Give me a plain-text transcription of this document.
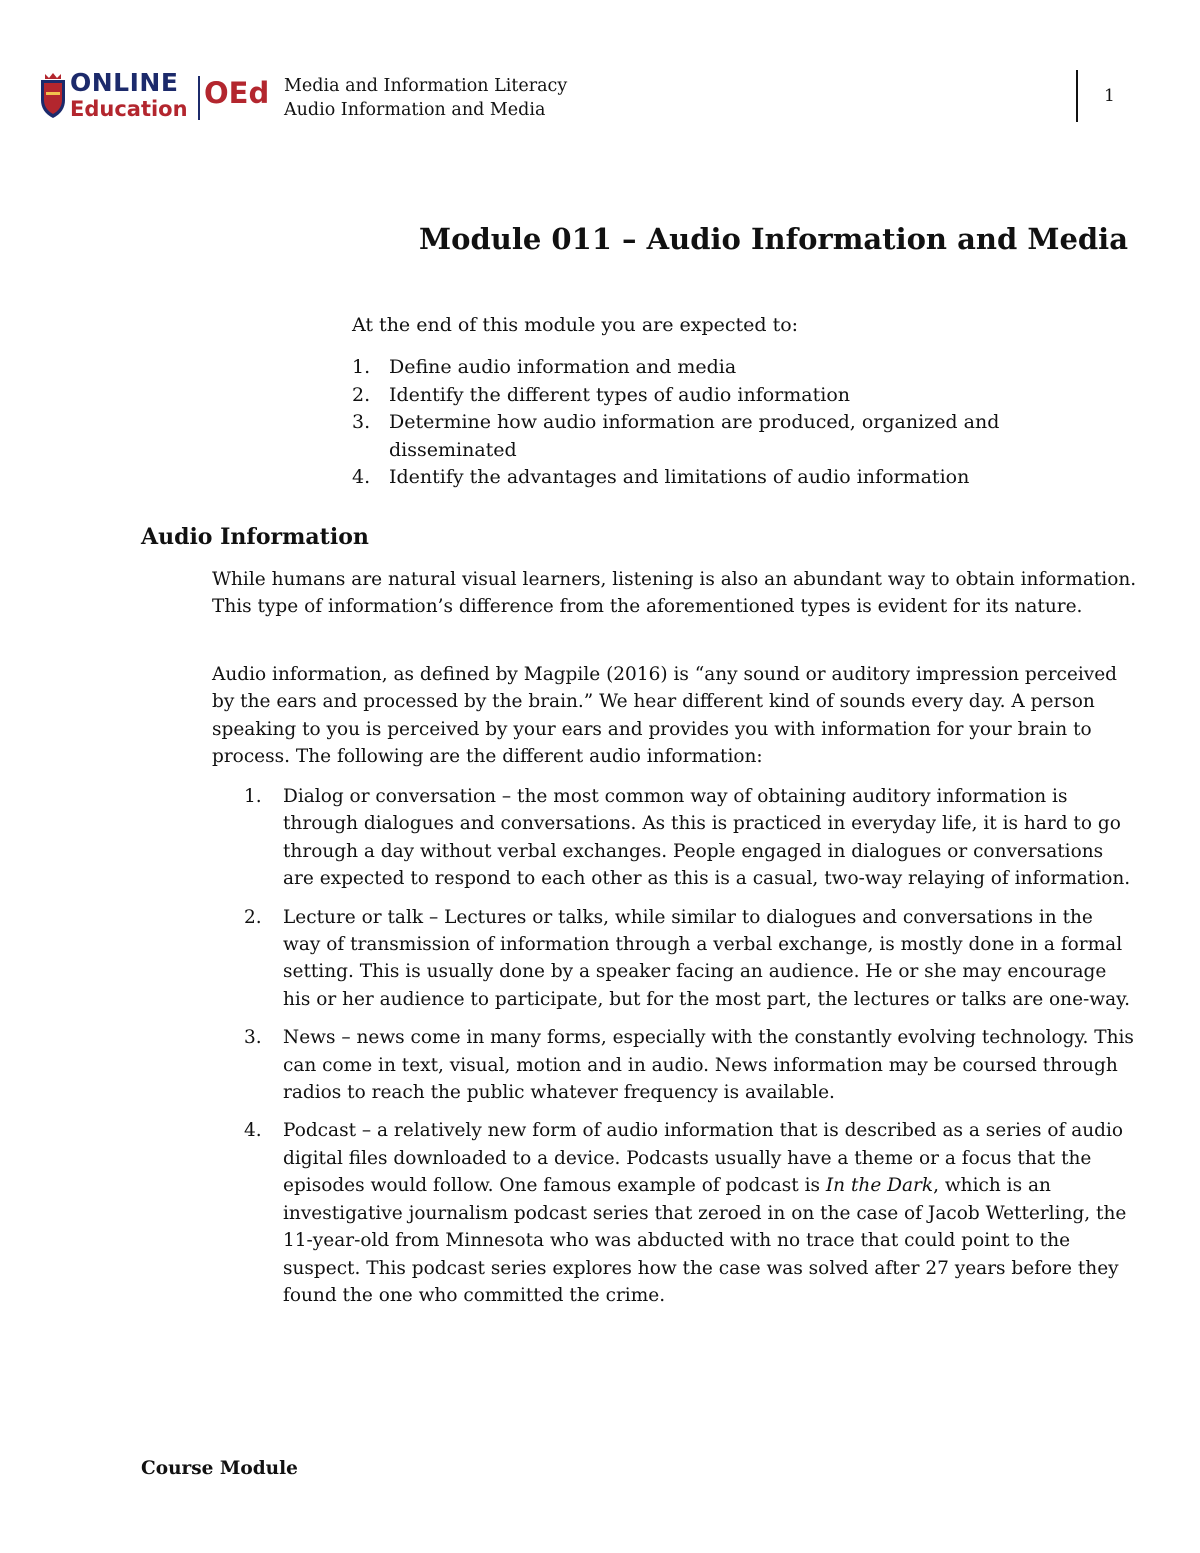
ONLINE
Education OEd Media and Information Literacy
Audio Information and Media
1
Module 011 – Audio Information and Media
At the end of this module you are expected to:
1. Define audio information and media
2. Identify the different types of audio information
3. Determine how audio information are produced, organized and disseminated
4. Identify the advantages and limitations of audio information
Audio Information
While humans are natural visual learners, listening is also an abundant way to obtain information. This type of information’s difference from the aforementioned types is evident for its nature.
Audio information, as defined by Magpile (2016) is “any sound or auditory impression perceived by the ears and processed by the brain.” We hear different kind of sounds every day. A person speaking to you is perceived by your ears and provides you with information for your brain to process. The following are the different audio information:
1. Dialog or conversation – the most common way of obtaining auditory information is through dialogues and conversations. As this is practiced in everyday life, it is hard to go through a day without verbal exchanges. People engaged in dialogues or conversations are expected to respond to each other as this is a casual, two-way relaying of information.
2. Lecture or talk – Lectures or talks, while similar to dialogues and conversations in the way of transmission of information through a verbal exchange, is mostly done in a formal setting. This is usually done by a speaker facing an audience. He or she may encourage his or her audience to participate, but for the most part, the lectures or talks are one-way.
3. News – news come in many forms, especially with the constantly evolving technology. This can come in text, visual, motion and in audio. News information may be coursed through radios to reach the public whatever frequency is available.
4. Podcast – a relatively new form of audio information that is described as a series of audio digital files downloaded to a device. Podcasts usually have a theme or a focus that the episodes would follow. One famous example of podcast is In the Dark, which is an investigative journalism podcast series that zeroed in on the case of Jacob Wetterling, the 11-year-old from Minnesota who was abducted with no trace that could point to the suspect. This podcast series explores how the case was solved after 27 years before they found the one who committed the crime.
Course Module
